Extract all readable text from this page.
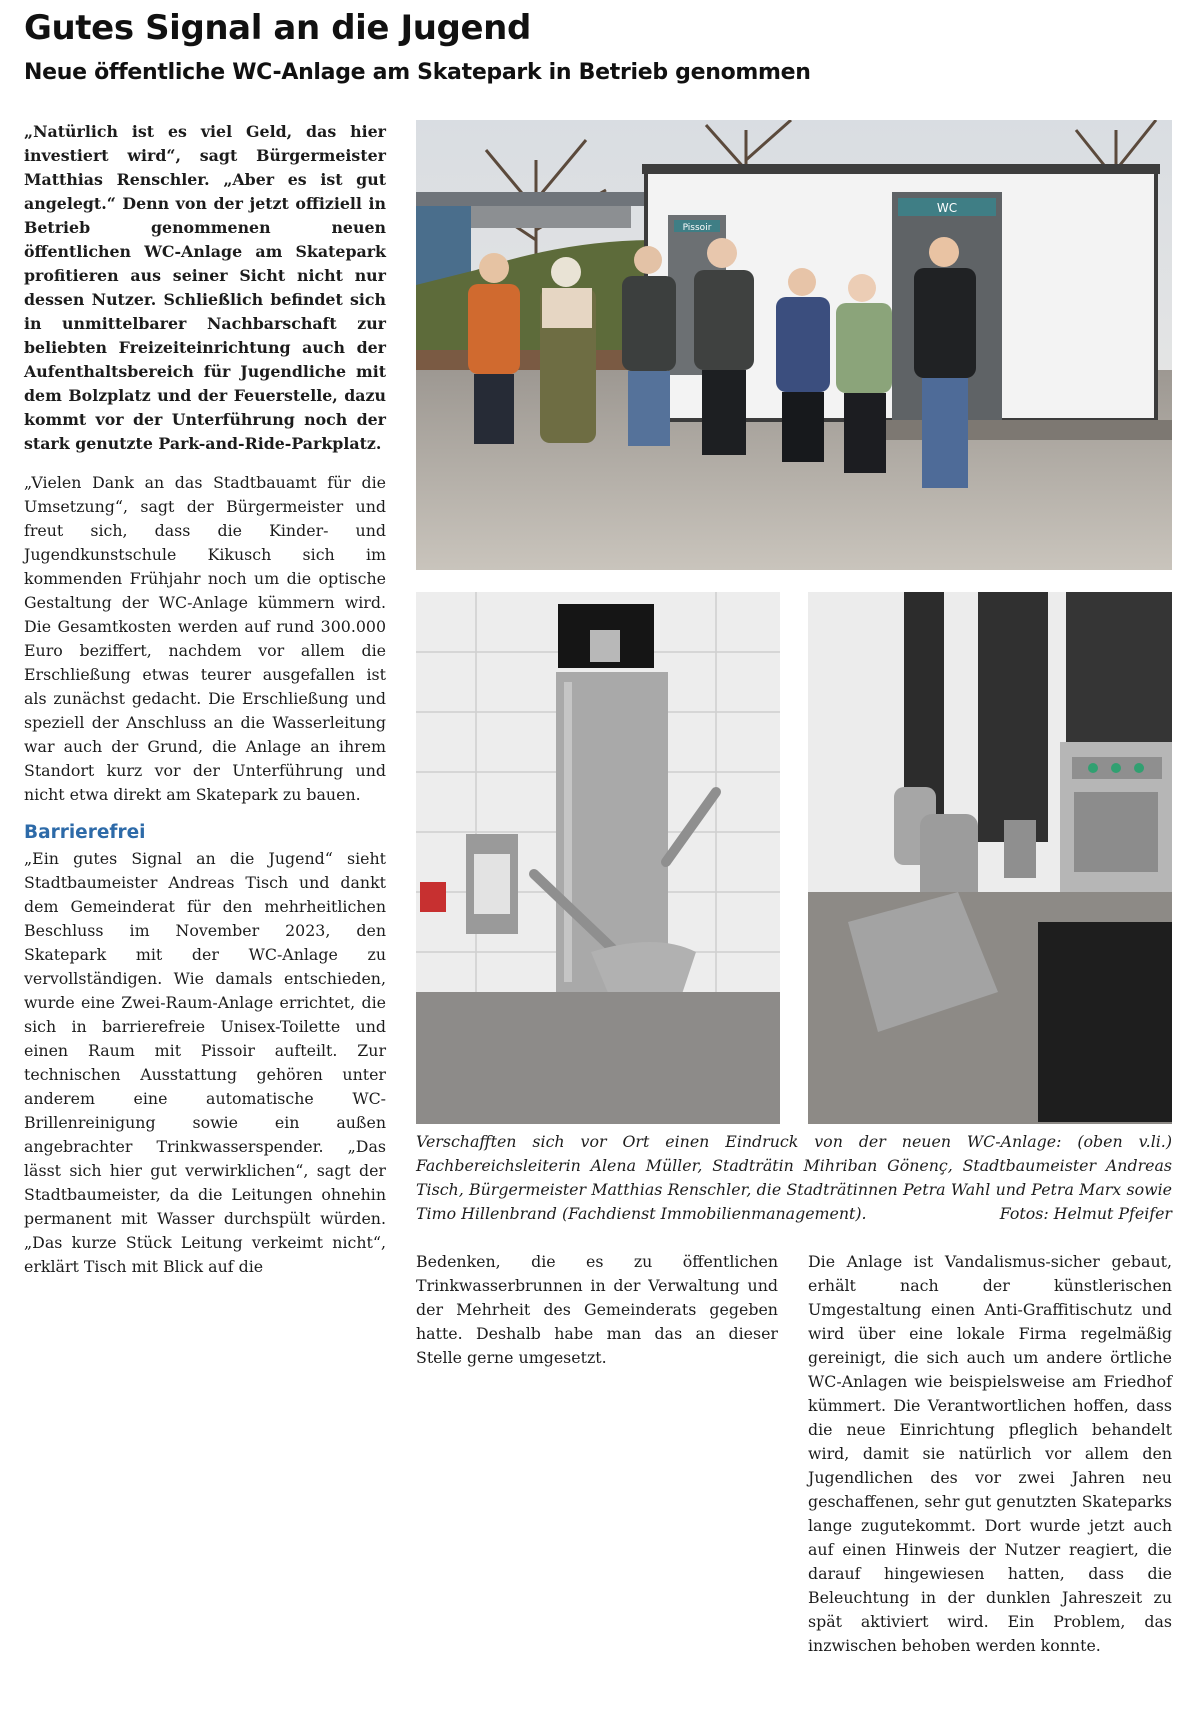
Gutes Signal an die Jugend
Neue öffentliche WC-Anlage am Skatepark in Betrieb genommen

„Natürlich ist es viel Geld, das hier investiert wird“, sagt Bürgermeister Matthias Renschler. „Aber es ist gut angelegt.“ Denn von der jetzt offiziell in Betrieb genommenen neuen öffentlichen WC-Anlage am Skatepark profitieren aus seiner Sicht nicht nur dessen Nutzer. Schließlich befindet sich in unmittelbarer Nachbarschaft zur beliebten Freizeiteinrichtung auch der Aufenthaltsbereich für Jugendliche mit dem Bolzplatz und der Feuerstelle, dazu kommt vor der Unterführung noch der stark genutzte Park-and-Ride-Parkplatz.

„Vielen Dank an das Stadtbauamt für die Umsetzung“, sagt der Bürgermeister und freut sich, dass die Kinder- und Jugendkunstschule Kikusch sich im kommenden Frühjahr noch um die optische Gestaltung der WC-Anlage kümmern wird. Die Gesamtkosten werden auf rund 300.000 Euro beziffert, nachdem vor allem die Erschließung etwas teurer ausgefallen ist als zunächst gedacht. Die Erschließung und speziell der Anschluss an die Wasserleitung war auch der Grund, die Anlage an ihrem Standort kurz vor der Unterführung und nicht etwa direkt am Skatepark zu bauen.

Barrierefrei

„Ein gutes Signal an die Jugend“ sieht Stadtbaumeister Andreas Tisch und dankt dem Gemeinderat für den mehrheitlichen Beschluss im November 2023, den Skatepark mit der WC-Anlage zu vervollständigen. Wie damals entschieden, wurde eine Zwei-Raum-Anlage errichtet, die sich in barrierefreie Unisex-Toilette und einen Raum mit Pissoir aufteilt. Zur technischen Ausstattung gehören unter anderem eine automatische WC-Brillenreinigung sowie ein außen angebrachter Trinkwasserspender. „Das lässt sich hier gut verwirklichen“, sagt der Stadtbaumeister, da die Leitungen ohnehin permanent mit Wasser durchspült würden. „Das kurze Stück Leitung verkeimt nicht“, erklärt Tisch mit Blick auf die

Pissoir
WC
Verschafften sich vor Ort einen Eindruck von der neuen WC-Anlage: (oben v.li.) Fachbereichsleiterin Alena Müller, Stadträtin Mihriban Gönenç, Stadtbaumeister Andreas Tisch, Bürgermeister Matthias Renschler, die Stadträtinnen Petra Wahl und Petra Marx sowie Timo Hillenbrand (Fachdienst Immobilienmanagement).	Fotos: Helmut Pfeifer

Bedenken, die es zu öffentlichen Trinkwasserbrunnen in der Verwaltung und der Mehrheit des Gemeinderats gegeben hatte. Deshalb habe man das an dieser Stelle gerne umgesetzt.

Die Anlage ist Vandalismus-sicher gebaut, erhält nach der künstlerischen Umgestaltung einen Anti-Graffitischutz und wird über eine lokale Firma regelmäßig gereinigt, die sich auch um andere örtliche WC-Anlagen wie beispielsweise am Friedhof kümmert. Die Verantwortlichen hoffen, dass die neue Einrichtung pfleglich behandelt wird, damit sie natürlich vor allem den Jugendlichen des vor zwei Jahren neu geschaffenen, sehr gut genutzten Skateparks lange zugutekommt. Dort wurde jetzt auch auf einen Hinweis der Nutzer reagiert, die darauf hingewiesen hatten, dass die Beleuchtung in der dunklen Jahreszeit zu spät aktiviert wird. Ein Problem, das inzwischen behoben werden konnte.
